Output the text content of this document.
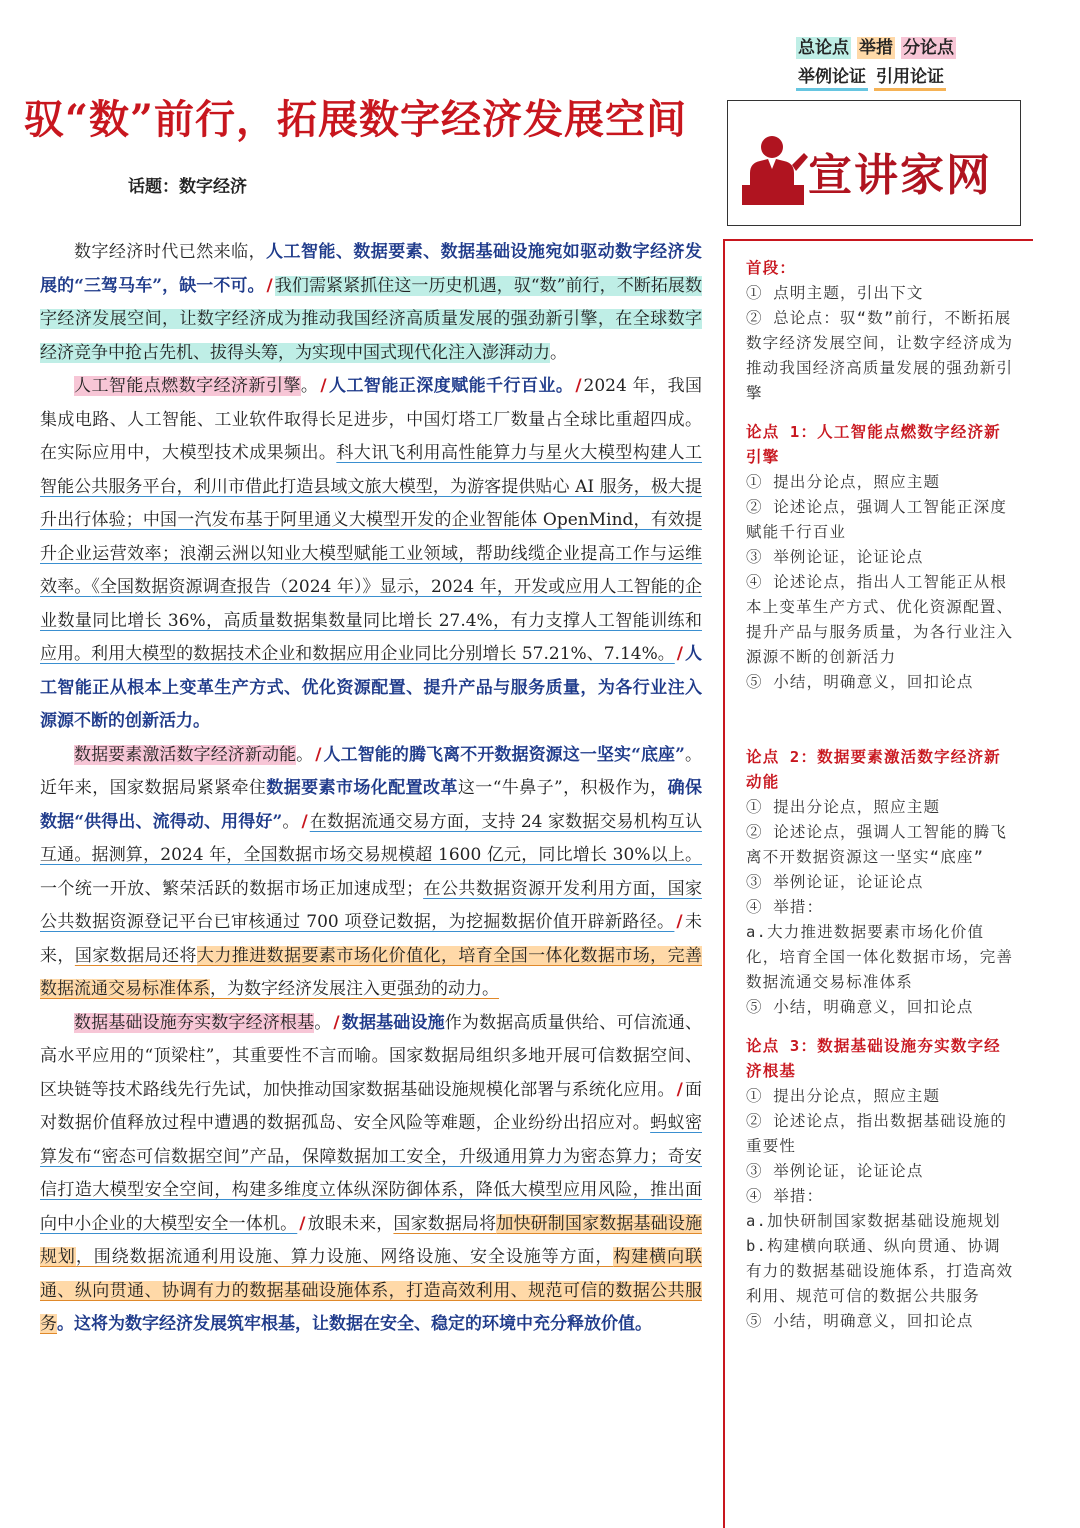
总论点 举措 分论点
举例论证 引用论证
驭“数”前行，拓展数字经济发展空间
话题：数字经济	宣讲家网

数字经济时代已然来临，人工智能、数据要素、数据基础设施宛如驱动数字经济发展的“三驾马车”，缺一不可。 / 我们需紧紧抓住这一历史机遇，驭“数”前行，不断拓展数字经济发展空间，让数字经济成为推动我国经济高质量发展的强劲新引擎，在全球数字经济竞争中抢占先机、拔得头筹，为实现中国式现代化注入澎湃动力。

人工智能点燃数字经济新引擎。 / 人工智能正深度赋能千行百业。 / 2024 年，我国集成电路、人工智能、工业软件取得长足进步，中国灯塔工厂数量占全球比重超四成。在实际应用中，大模型技术成果频出。科大讯飞利用高性能算力与星火大模型构建人工智能公共服务平台，利川市借此打造县域文旅大模型，为游客提供贴心 AI 服务，极大提升出行体验；中国一汽发布基于阿里通义大模型开发的企业智能体 OpenMind，有效提升企业运营效率；浪潮云洲以知业大模型赋能工业领域，帮助线缆企业提高工作与运维效率。《全国数据资源调查报告（2024 年）》显示，2024 年，开发或应用人工智能的企业数量同比增长 36%，高质量数据集数量同比增长 27.4%，有力支撑人工智能训练和应用。利用大模型的数据技术企业和数据应用企业同比分别增长 57.21%、7.14%。 / 人工智能正从根本上变革生产方式、优化资源配置、提升产品与服务质量，为各行业注入源源不断的创新活力。

数据要素激活数字经济新动能。 / 人工智能的腾飞离不开数据资源这一坚实“底座”。近年来，国家数据局紧紧牵住数据要素市场化配置改革这一“牛鼻子”，积极作为，确保数据“供得出、流得动、用得好”。 / 在数据流通交易方面，支持 24 家数据交易机构互认互通。据测算，2024 年，全国数据市场交易规模超 1600 亿元，同比增长 30%以上。一个统一开放、繁荣活跃的数据市场正加速成型；在公共数据资源开发利用方面，国家公共数据资源登记平台已审核通过 700 项登记数据，为挖掘数据价值开辟新路径。 / 未来，国家数据局还将大力推进数据要素市场化价值化，培育全国一体化数据市场，完善数据流通交易标准体系，为数字经济发展注入更强劲的动力。

数据基础设施夯实数字经济根基。 / 数据基础设施作为数据高质量供给、可信流通、高水平应用的“顶梁柱”，其重要性不言而喻。国家数据局组织多地开展可信数据空间、区块链等技术路线先行先试，加快推动国家数据基础设施规模化部署与系统化应用。 / 面对数据价值释放过程中遭遇的数据孤岛、安全风险等难题，企业纷纷出招应对。蚂蚁密算发布“密态可信数据空间”产品，保障数据加工安全，升级通用算力为密态算力；奇安信打造大模型安全空间，构建多维度立体纵深防御体系，降低大模型应用风险，推出面向中小企业的大模型安全一体机。 / 放眼未来，国家数据局将加快研制国家数据基础设施规划，围绕数据流通利用设施、算力设施、网络设施、安全设施等方面，构建横向联通、纵向贯通、协调有力的数据基础设施体系，打造高效利用、规范可信的数据公共服务。这将为数字经济发展筑牢根基，让数据在安全、稳定的环境中充分释放价值。

首段：
① 点明主题，引出下文
② 总论点：驭“数”前行，不断拓展数字经济发展空间，让数字经济成为推动我国经济高质量发展的强劲新引擎
论点 1：人工智能点燃数字经济新引擎
① 提出分论点，照应主题
② 论述论点，强调人工智能正深度赋能千行百业
③ 举例论证，论证论点
④ 论述论点，指出人工智能正从根本上变革生产方式、优化资源配置、提升产品与服务质量，为各行业注入源源不断的创新活力
⑤ 小结，明确意义，回扣论点
论点 2：数据要素激活数字经济新动能
① 提出分论点，照应主题
② 论述论点，强调人工智能的腾飞离不开数据资源这一坚实“底座”
③ 举例论证，论证论点
④ 举措：
a.大力推进数据要素市场化价值化，培育全国一体化数据市场，完善数据流通交易标准体系
⑤ 小结，明确意义，回扣论点
论点 3：数据基础设施夯实数字经济根基
① 提出分论点，照应主题
② 论述论点，指出数据基础设施的重要性
③ 举例论证，论证论点
④ 举措：
a.加快研制国家数据基础设施规划
b.构建横向联通、纵向贯通、协调有力的数据基础设施体系，打造高效利用、规范可信的数据公共服务
⑤ 小结，明确意义，回扣论点
